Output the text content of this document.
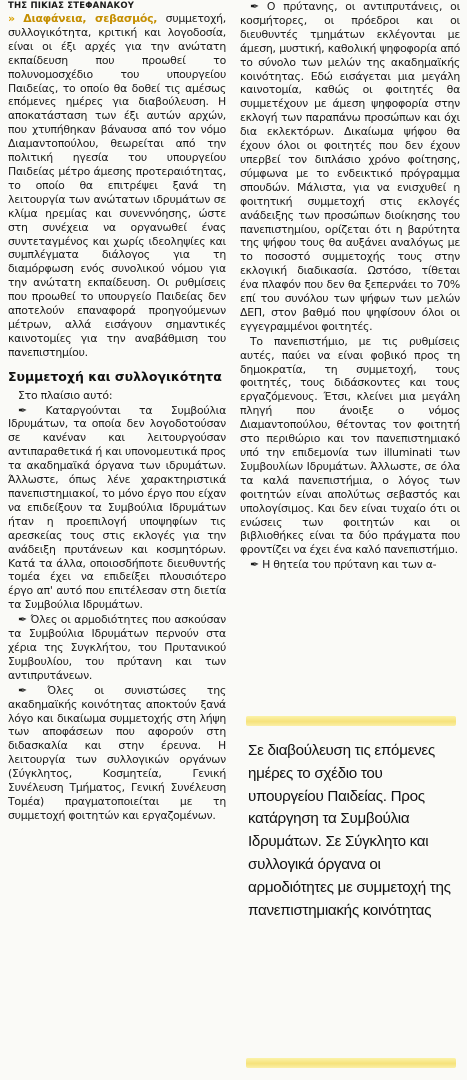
ΤΗΣ ΠΙΚΙΑΣ ΣΤΕΦΑΝΑΚΟΥ

» Διαφάνεια, σεβασμός, συμμετοχή, συλλογικότητα, κριτική και λογοδοσία, είναι οι έξι αρχές για την ανώτατη εκπαίδευση που προωθεί το πολυνομοσχέδιο του υπουργείου Παιδείας, το οποίο θα δοθεί τις αμέσως επόμενες ημέρες για διαβούλευση. Η αποκατάσταση των έξι αυτών αρχών, που χτυπήθηκαν βάναυσα από τον νόμο Διαμαντοπούλου, θεωρείται από την πολιτική ηγεσία του υπουργείου Παιδείας μέτρο άμεσης προτεραιότητας, το οποίο θα επιτρέψει ξανά τη λειτουργία των ανώτατων ιδρυμάτων σε κλίμα ηρεμίας και συνεννόησης, ώστε στη συνέχεια να οργανωθεί ένας συντεταγμένος και χωρίς ιδεοληψίες και συμπλέγματα διάλογος για τη διαμόρφωση ενός συνολικού νόμου για την ανώτατη εκπαίδευση. Οι ρυθμίσεις που προωθεί το υπουργείο Παιδείας δεν αποτελούν επαναφορά προηγούμενων μέτρων, αλλά εισάγουν σημαντικές καινοτομίες για την αναβάθμιση του πανεπιστημίου.

Συμμετοχή και συλλογικότητα

Στο πλαίσιο αυτό:

✒ Καταργούνται τα Συμβούλια Ιδρυμάτων, τα οποία δεν λογοδοτούσαν σε κανέναν και λειτουργούσαν αντιπαραθετικά ή και υπονομευτικά προς τα ακαδημαϊκά όργανα των ιδρυμάτων. Άλλωστε, όπως λένε χαρακτηριστικά πανεπιστημιακοί, το μόνο έργο που είχαν να επιδείξουν τα Συμβούλια Ιδρυμάτων ήταν η προεπιλογή υποψηφίων τις αρεσκείας τους στις εκλογές για την ανάδειξη πρυτάνεων και κοσμητόρων. Κατά τα άλλα, οποιοσδήποτε διευθυντής τομέα έχει να επιδείξει πλουσιότερο έργο απ' αυτό που επιτέλεσαν στη διετία τα Συμβούλια Ιδρυμάτων.

✒ Όλες οι αρμοδιότητες που ασκούσαν τα Συμβούλια Ιδρυμάτων περνούν στα χέρια της Συγκλήτου, του Πρυτανικού Συμβουλίου, του πρύτανη και των αντιπρυτάνεων.

✒ Όλες οι συνιστώσες της ακαδημαϊκής κοινότητας αποκτούν ξανά λόγο και δικαίωμα συμμετοχής στη λήψη των αποφάσεων που αφορούν στη διδασκαλία και στην έρευνα. Η λειτουργία των συλλογικών οργάνων (Σύγκλητος, Κοσμητεία, Γενική Συνέλευση Τμήματος, Γενική Συνέλευση Τομέα) πραγματοποιείται με τη συμμετοχή φοιτητών και εργαζομένων.

✒ Ο πρύτανης, οι αντιπρυτάνεις, οι κοσμήτορες, οι πρόεδροι και οι διευθυντές τμημάτων εκλέγονται με άμεση, μυστική, καθολική ψηφοφορία από το σύνολο των μελών της ακαδημαϊκής κοινότητας. Εδώ εισάγεται μια μεγάλη καινοτομία, καθώς οι φοιτητές θα συμμετέχουν με άμεση ψηφοφορία στην εκλογή των παραπάνω προσώπων και όχι δια εκλεκτόρων. Δικαίωμα ψήφου θα έχουν όλοι οι φοιτητές που δεν έχουν υπερβεί τον διπλάσιο χρόνο φοίτησης, σύμφωνα με το ενδεικτικό πρόγραμμα σπουδών. Μάλιστα, για να ενισχυθεί η φοιτητική συμμετοχή στις εκλογές ανάδειξης των προσώπων διοίκησης του πανεπιστημίου, ορίζεται ότι η βαρύτητα της ψήφου τους θα αυξάνει αναλόγως με το ποσοστό συμμετοχής τους στην εκλογική διαδικασία. Ωστόσο, τίθεται ένα πλαφόν που δεν θα ξεπερνάει το 70% επί του συνόλου των ψήφων των μελών ΔΕΠ, στον βαθμό που ψηφίσουν όλοι οι εγγεγραμμένοι φοιτητές.

Το πανεπιστήμιο, με τις ρυθμίσεις αυτές, παύει να είναι φοβικό προς τη δημοκρατία, τη συμμετοχή, τους φοιτητές, τους διδάσκοντες και τους εργαζόμενους. Έτσι, κλείνει μια μεγάλη πληγή που άνοιξε ο νόμος Διαμαντοπούλου, θέτοντας τον φοιτητή στο περιθώριο και τον πανεπιστημιακό υπό την επιδεμονία των illuminati των Συμβουλίων Ιδρυμάτων. Άλλωστε, σε όλα τα καλά πανεπιστήμια, ο λόγος των φοιτητών είναι απολύτως σεβαστός και υπολογίσιμος. Και δεν είναι τυχαίο ότι οι ενώσεις των φοιτητών και οι βιβλιοθήκες είναι τα δύο πράγματα που φροντίζει να έχει ένα καλό πανεπιστήμιο.

✒ Η θητεία του πρύτανη και των α-

Σε διαβούλευση τις επόμενες ημέρες το σχέδιο του υπουργείου Παιδείας. Προς κατάργηση τα Συμβούλια Ιδρυμάτων. Σε Σύγκλητο και συλλογικά όργανα οι αρμοδιότητες με συμμετοχή της πανεπιστημιακής κοινότητας
